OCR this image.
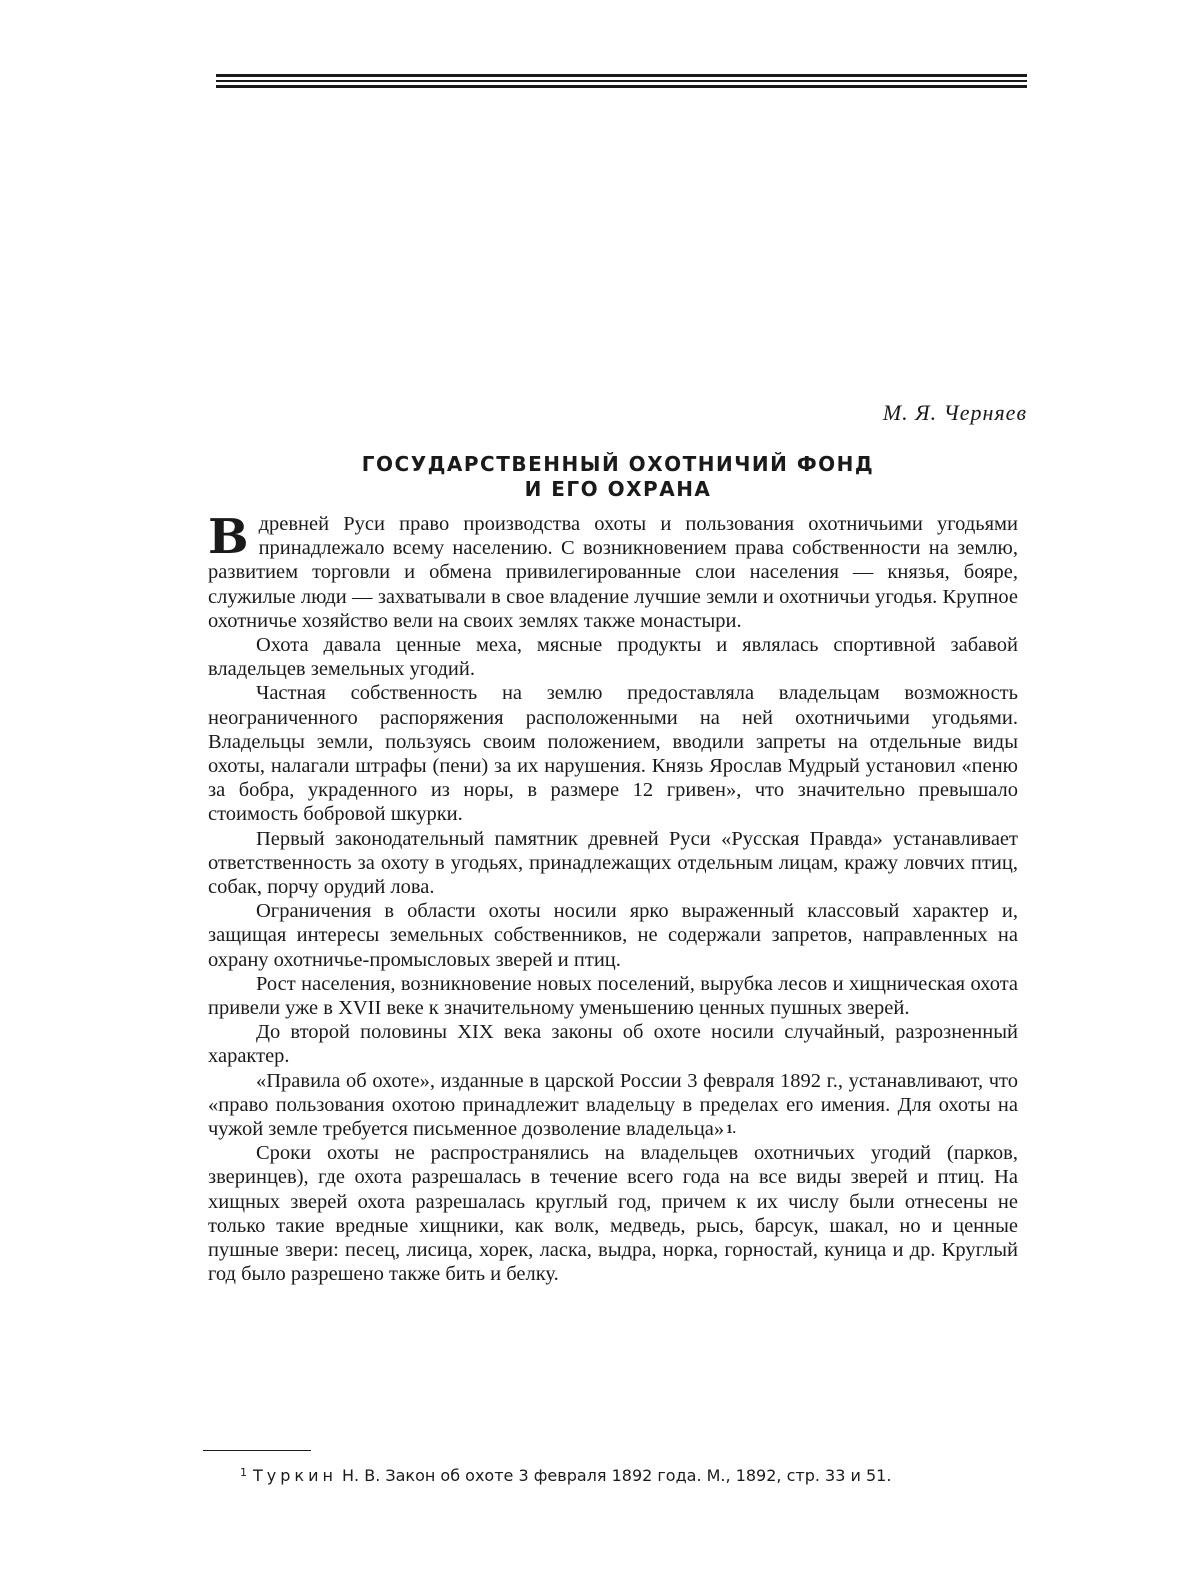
М. Я. Черняев
ГОСУДАРСТВЕННЫЙ ОХОТНИЧИЙ ФОНД
И ЕГО ОХРАНА

Вдревней Руси право производства охоты и пользования охотничьими угодьями принадлежало всему населению. С возникновением права собственности на землю, развитием торговли и обмена привилегированные слои населения — князья, бояре, служилые люди — захватывали в свое владение лучшие земли и охотничьи угодья. Крупное охотничье хозяйство вели на своих землях также монастыри.

Охота давала ценные меха, мясные продукты и являлась спортивной забавой владельцев земельных угодий.

Частная собственность на землю предоставляла владельцам возможность неограниченного распоряжения расположенными на ней охотничьими угодьями. Владельцы земли, пользуясь своим положением, вводили запреты на отдельные виды охоты, налагали штрафы (пени) за их нарушения. Князь Ярослав Мудрый установил «пеню за бобра, украденного из норы, в размере 12 гривен», что значительно превышало стоимость бобровой шкурки.

Первый законодательный памятник древней Руси «Русская Правда» устанавливает ответственность за охоту в угодьях, принадлежащих отдельным лицам, кражу ловчих птиц, собак, порчу орудий лова.

Ограничения в области охоты носили ярко выраженный классовый характер и, защищая интересы земельных собственников, не содержали запретов, направленных на охрану охотничье-промысловых зверей и птиц.

Рост населения, возникновение новых поселений, вырубка лесов и хищническая охота привели уже в XVII веке к значительному уменьшению ценных пушных зверей.

До второй половины XIX века законы об охоте носили случайный, разрозненный характер.

«Правила об охоте», изданные в царской России 3 февраля 1892 г., устанавливают, что «право пользования охотою принадлежит владельцу в пределах его имения. Для охоты на чужой земле требуется письменное дозволение владельца» 1.

Сроки охоты не распространялись на владельцев охотничьих угодий (парков, зверинцев), где охота разрешалась в течение всего года на все виды зверей и птиц. На хищных зверей охота разрешалась круглый год, причем к их числу были отнесены не только такие вредные хищники, как волк, медведь, рысь, барсук, шакал, но и ценные пушные звери: песец, лисица, хорек, ласка, выдра, норка, горностай, куница и др. Круглый год было разрешено также бить и белку.

$^1$ Туркин Н. В. Закон об охоте 3 февраля 1892 года. М., 1892, стр. 33 и 51.
